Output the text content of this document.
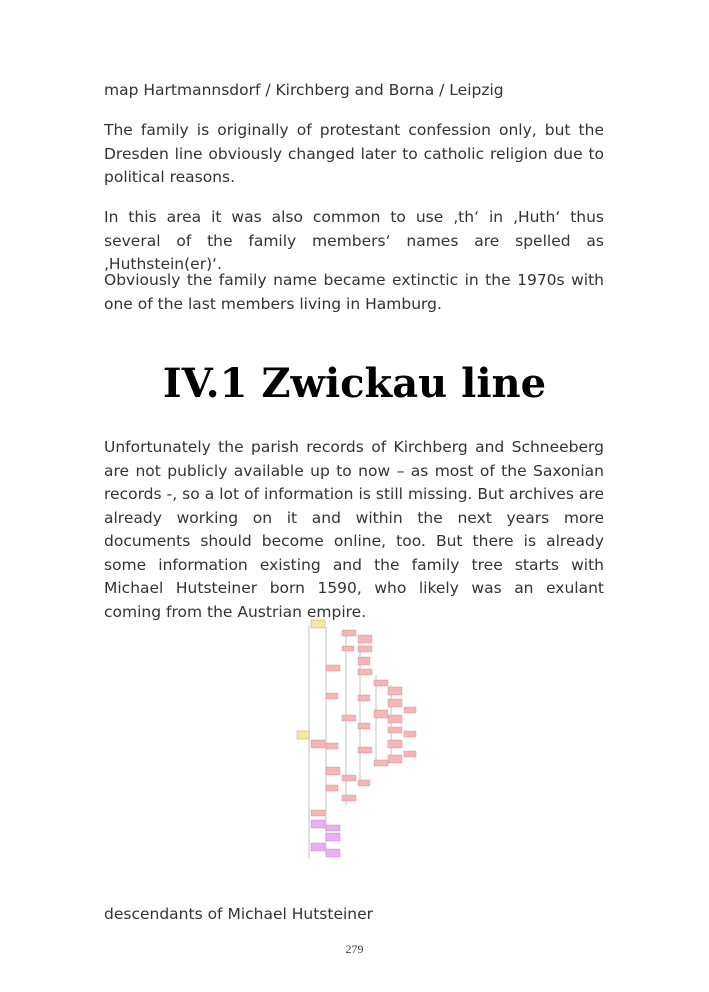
map Hartmannsdorf / Kirchberg and Borna / Leipzig

The family is originally of protestant confession only, but the Dresden line obviously changed later to catholic religion due to political reasons.

In this area it was also common to use ‚th‘ in ‚Huth‘ thus several of the family members‘ names are spelled as ‚Huthstein(er)‘.

Obviously the family name became extinctic in the 1970s with one of the last members living in Hamburg.

IV.1 Zwickau line

Unfortunately the parish records of Kirchberg and Schneeberg are not publicly available up to now – as most of the Saxonian records -, so a lot of information is still missing. But archives are already working on it and within the next years more documents should become online, too. But there is already some information existing and the family tree starts with Michael Hutsteiner born 1590, who likely was an exulant coming from the Austrian empire.

descendants of Michael Hutsteiner

279
